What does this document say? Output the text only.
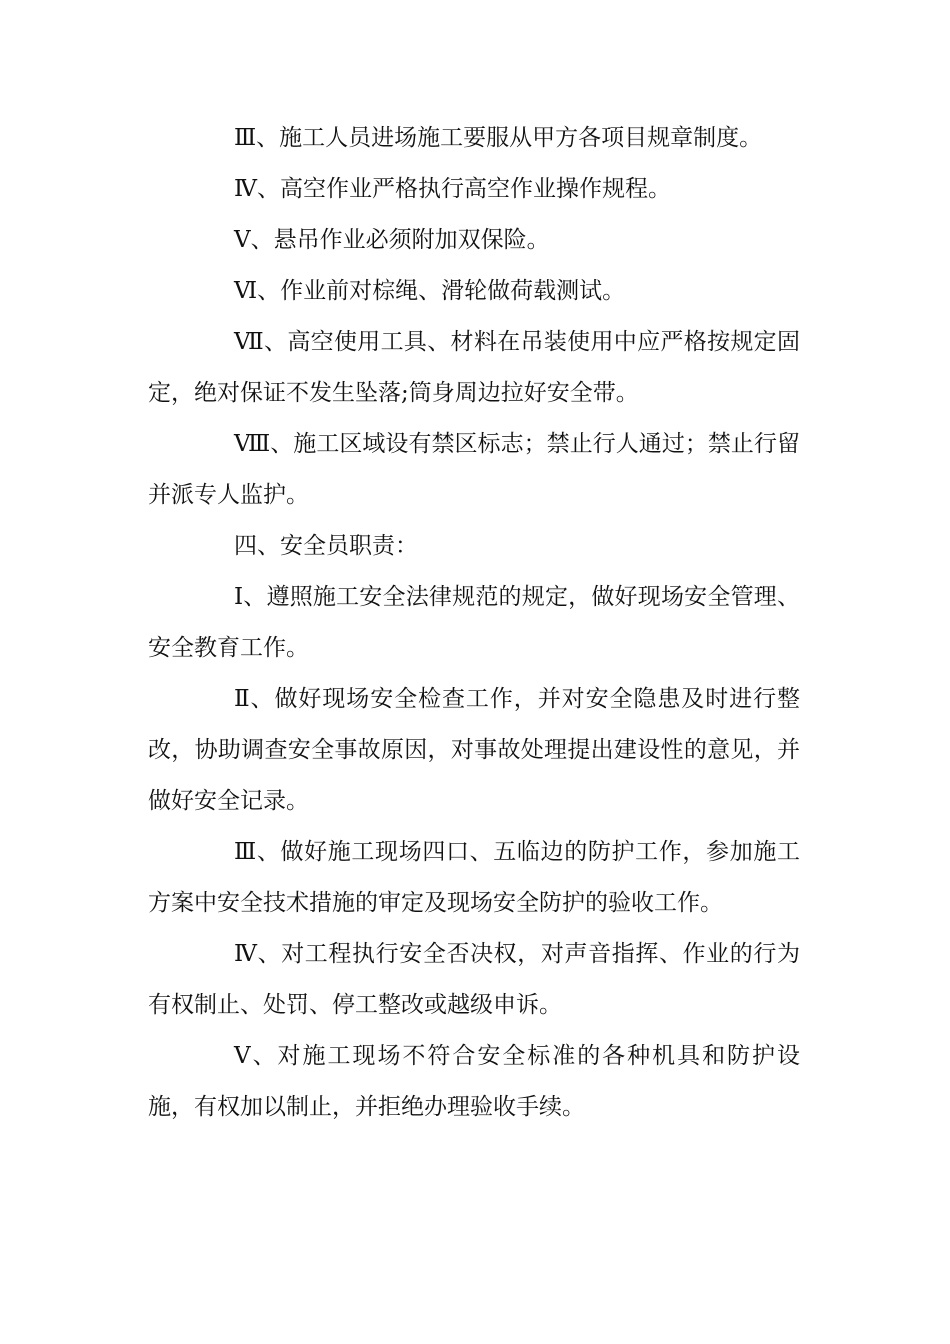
Ⅲ、施工人员进场施工要服从甲方各项目规章制度。

Ⅳ、高空作业严格执行高空作业操作规程。

Ⅴ、悬吊作业必须附加双保险。

Ⅵ、作业前对棕绳、滑轮做荷载测试。

Ⅶ、高空使用工具、材料在吊装使用中应严格按规定固定，绝对保证不发生坠落;筒身周边拉好安全带。

Ⅷ、施工区域设有禁区标志；禁止行人通过；禁止行留并派专人监护。

四、安全员职责：

Ⅰ、遵照施工安全法律规范的规定，做好现场安全管理、安全教育工作。

Ⅱ、做好现场安全检查工作，并对安全隐患及时进行整改，协助调查安全事故原因，对事故处理提出建设性的意见，并做好安全记录。

Ⅲ、做好施工现场四口、五临边的防护工作，参加施工方案中安全技术措施的审定及现场安全防护的验收工作。

Ⅳ、对工程执行安全否决权，对声音指挥、作业的行为有权制止、处罚、停工整改或越级申诉。

Ⅴ、对施工现场不符合安全标准的各种机具和防护设施，有权加以制止，并拒绝办理验收手续。
